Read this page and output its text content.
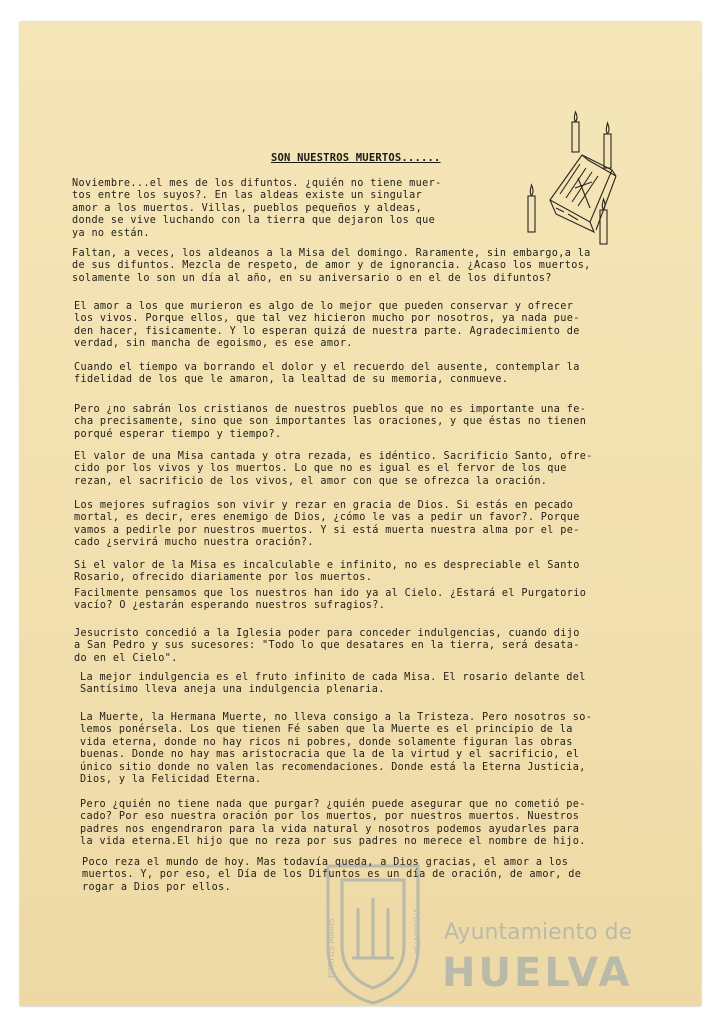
SON NUESTROS MUERTOS......

Noviembre...el mes de los difuntos. ¿quién no tiene muer-
tos entre los suyos?. En las aldeas existe un singular
amor a los muertos. Villas, pueblos pequeños y aldeas,
donde se vive luchando con la tierra que dejaron los que
ya no están.

Faltan, a veces, los aldeanos a la Misa del domingo. Raramente, sin embargo,a la
de sus difuntos. Mezcla de respeto, de amor y de ignorancia. ¿Acaso los muertos,
solamente lo son un día al año, en su aniversario o en el de los difuntos?

El amor a los que murieron es algo de lo mejor que pueden conservar y ofrecer
los vivos. Porque ellos, que tal vez hicieron mucho por nosotros, ya nada pue-
den hacer, fisicamente. Y lo esperan quizá de nuestra parte. Agradecimiento de
verdad, sin mancha de egoismo, es ese amor.

Cuando el tiempo va borrando el dolor y el recuerdo del ausente, contemplar la
fidelidad de los que le amaron, la lealtad de su memoria, conmueve.

Pero ¿no sabrán los cristianos de nuestros pueblos que no es importante una fe-
cha precisamente, sino que son importantes las oraciones, y que éstas no tienen
porqué esperar tiempo y tiempo?.

El valor de una Misa cantada y otra rezada, es idéntico. Sacrificio Santo, ofre-
cido por los vivos y los muertos. Lo que no es igual es el fervor de los que
rezan, el sacrificio de los vivos, el amor con que se ofrezca la oración.

Los mejores sufragios son vivir y rezar en gracia de Dios. Si estás en pecado
mortal, es decir, eres enemigo de Dios, ¿cómo le vas a pedir un favor?. Porque
vamos a pedirle por nuestros muertos. Y si está muerta nuestra alma por el pe-
cado ¿servirá mucho nuestra oración?.

Si el valor de la Misa es incalculable e infinito, no es despreciable el Santo
Rosario, ofrecido diariamente por los muertos.

Facilmente pensamos que los nuestros han ido ya al Cielo. ¿Estará el Purgatorio
vacío? O ¿estarán esperando nuestros sufragios?.

Jesucristo concedió a la Iglesia poder para conceder indulgencias, cuando dijo
a San Pedro y sus sucesores: "Todo lo que desatares en la tierra, será desata-
do en el Cielo".

La mejor indulgencia es el fruto infinito de cada Misa. El rosario delante del
Santísimo lleva aneja una indulgencia plenaria.

La Muerte, la Hermana Muerte, no lleva consigo a la Tristeza. Pero nosotros so-
lemos ponérsela. Los que tienen Fé saben que la Muerte es el principio de la
vida eterna, donde no hay ricos ni pobres, donde solamente figuran las obras
buenas. Donde no hay mas aristocracia que la de la virtud y el sacrificio, el
único sitio donde no valen las recomendaciones. Donde está la Eterna Justicia,
Dios, y la Felicidad Eterna.

Pero ¿quién no tiene nada que purgar? ¿quién puede asegurar que no cometió pe-
cado? Por eso nuestra oración por los muertos, por nuestros muertos. Nuestros
padres nos engendraron para la vida natural y nosotros podemos ayudarles para
la vida eterna.El hijo que no reza por sus padres no merece el nombre de hijo.

Poco reza el mundo de hoy. Mas todavía queda, a Dios gracias, el amor a los
muertos. Y, por eso, el Día de los Difuntos es un día de oración, de amor, de
rogar a Dios por ellos.

PORTUS MARIS	VIGILANTIA Ayuntamiento de
HUELVA
